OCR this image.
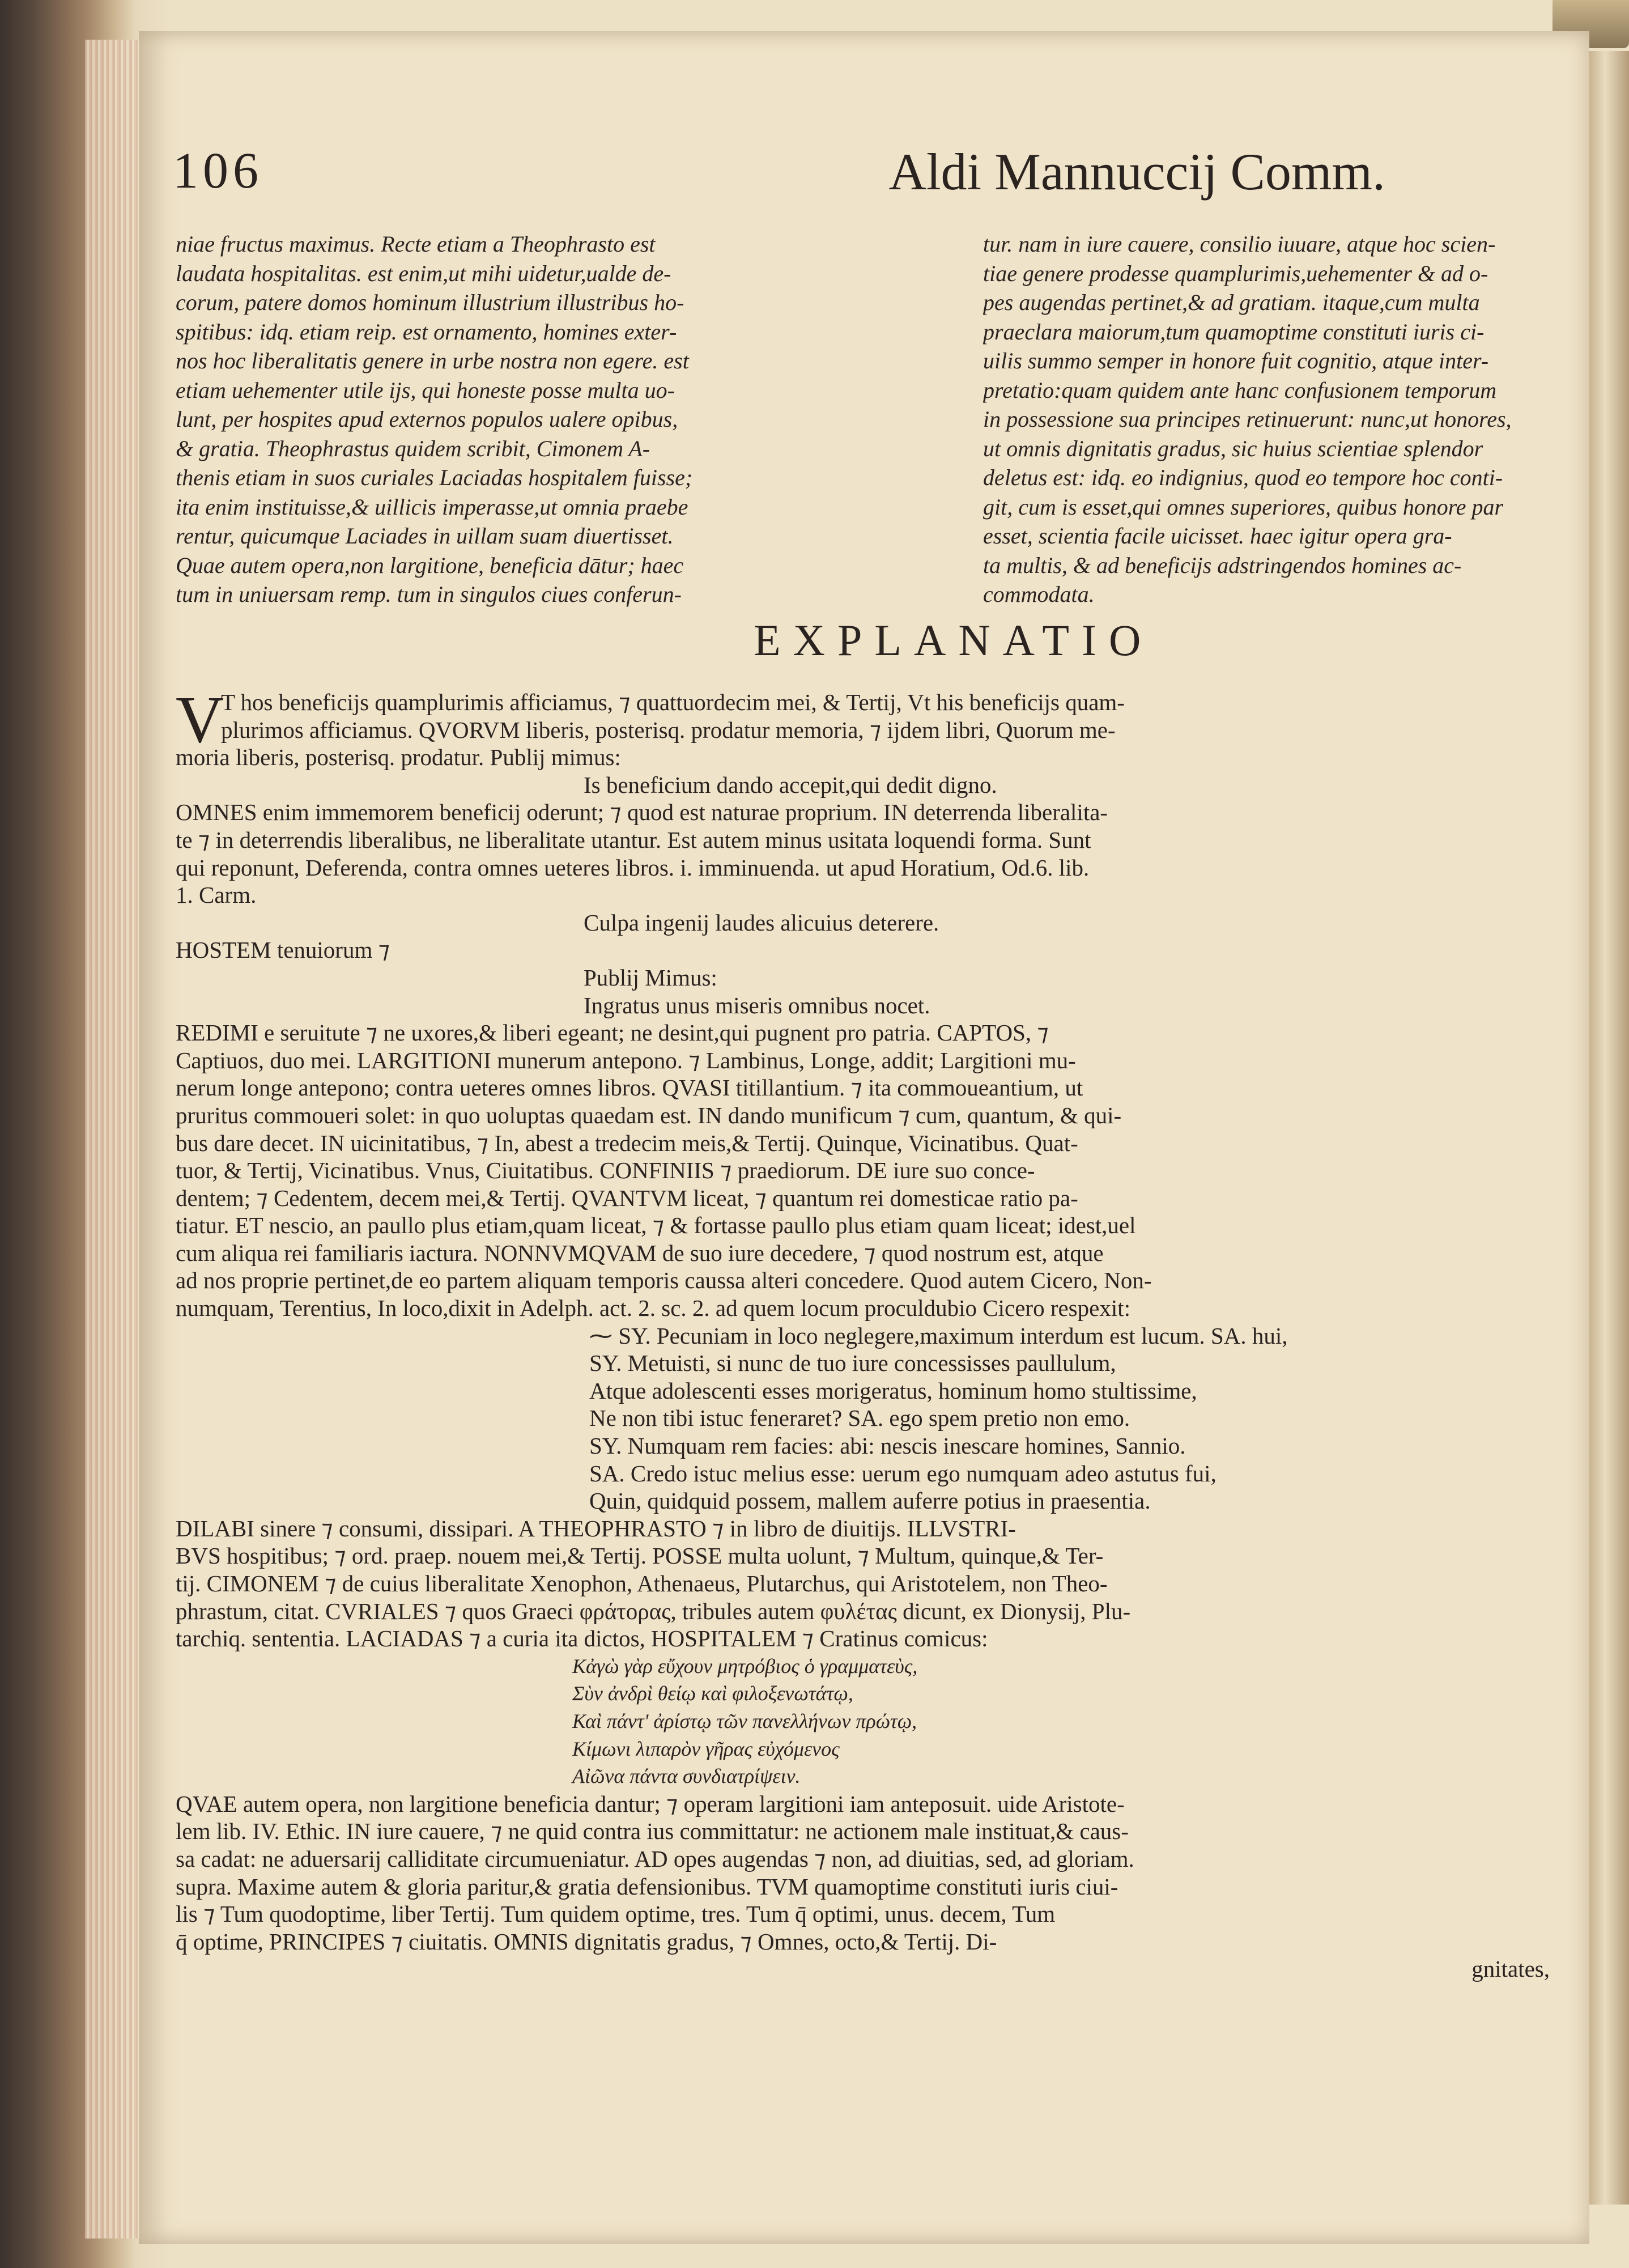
106	Aldi Mannuccij Comm.
niae fructus maximus. Recte etiam a Theophrasto est
laudata hospitalitas. est enim,ut mihi uidetur,ualde de-
corum, patere domos hominum illustrium illustribus ho-
spitibus: idq. etiam reip. est ornamento, homines exter-
nos hoc liberalitatis genere in urbe nostra non egere. est
etiam uehementer utile ijs, qui honeste posse multa uo-
lunt, per hospites apud externos populos ualere opibus,
& gratia. Theophrastus quidem scribit, Cimonem A-
thenis etiam in suos curiales Laciadas hospitalem fuisse;
ita enim instituisse,& uillicis imperasse,ut omnia praebe
rentur, quicumque Laciades in uillam suam diuertisset.
Quae autem opera,non largitione, beneficia dātur; haec
tum in uniuersam remp. tum in singulos ciues conferun-
tur. nam in iure cauere, consilio iuuare, atque hoc scien-
tiae genere prodesse quamplurimis,uehementer & ad o-
pes augendas pertinet,& ad gratiam. itaque,cum multa
praeclara maiorum,tum quamoptime constituti iuris ci-
uilis summo semper in honore fuit cognitio, atque inter-
pretatio:quam quidem ante hanc confusionem temporum
in possessione sua principes retinuerunt: nunc,ut honores,
ut omnis dignitatis gradus, sic huius scientiae splendor
deletus est: idq. eo indignius, quod eo tempore hoc conti-
git, cum is esset,qui omnes superiores, quibus honore par
esset, scientia facile uicisset. haec igitur opera gra-
ta multis, & ad beneficijs adstringendos homines ac-
commodata.
EXPLANATIO
V
T hos beneficijs quamplurimis afficiamus, ⁊ quattuordecim mei, & Tertij, Vt his beneficijs quam-
plurimos afficiamus. QVORVM liberis, posterisq. prodatur memoria, ⁊ ijdem libri, Quorum me-
moria liberis, posterisq. prodatur. Publij mimus:
Is beneficium dando accepit,qui dedit digno.
OMNES enim immemorem beneficij oderunt; ⁊ quod est naturae proprium. IN deterrenda liberalita-
te ⁊ in deterrendis liberalibus, ne liberalitate utantur. Est autem minus usitata loquendi forma. Sunt
qui reponunt, Deferenda, contra omnes ueteres libros. i. imminuenda. ut apud Horatium, Od.6. lib.
1. Carm.
Culpa ingenij laudes alicuius deterere.
HOSTEM tenuiorum ⁊
Publij Mimus:
Ingratus unus miseris omnibus nocet.
REDIMI e seruitute ⁊ ne uxores,& liberi egeant; ne desint,qui pugnent pro patria. CAPTOS, ⁊
Captiuos, duo mei. LARGITIONI munerum antepono. ⁊ Lambinus, Longe, addit; Largitioni mu-
nerum longe antepono; contra ueteres omnes libros. QVASI titillantium. ⁊ ita commoueantium, ut
pruritus commoueri solet: in quo uoluptas quaedam est. IN dando munificum ⁊ cum, quantum, & qui-
bus dare decet. IN uicinitatibus, ⁊ In, abest a tredecim meis,& Tertij. Quinque, Vicinatibus. Quat-
tuor, & Tertij, Vicinatibus. Vnus, Ciuitatibus. CONFINIIS ⁊ praediorum. DE iure suo conce-
dentem; ⁊ Cedentem, decem mei,& Tertij. QVANTVM liceat, ⁊ quantum rei domesticae ratio pa-
tiatur. ET nescio, an paullo plus etiam,quam liceat, ⁊ & fortasse paullo plus etiam quam liceat; idest,uel
cum aliqua rei familiaris iactura. NONNVMQVAM de suo iure decedere, ⁊ quod nostrum est, atque
ad nos proprie pertinet,de eo partem aliquam temporis caussa alteri concedere. Quod autem Cicero, Non-
numquam, Terentius, In loco,dixit in Adelph. act. 2. sc. 2. ad quem locum proculdubio Cicero respexit:
⁓ SY. Pecuniam in loco neglegere,maximum interdum est lucum. SA. hui,
SY. Metuisti, si nunc de tuo iure concessisses paullulum,
Atque adolescenti esses morigeratus, hominum homo stultissime,
Ne non tibi istuc feneraret? SA. ego spem pretio non emo.
SY. Numquam rem facies: abi: nescis inescare homines, Sannio.
SA. Credo istuc melius esse: uerum ego numquam adeo astutus fui,
Quin, quidquid possem, mallem auferre potius in praesentia.
DILABI sinere ⁊ consumi, dissipari. A THEOPHRASTO ⁊ in libro de diuitijs. ILLVSTRI-
BVS hospitibus; ⁊ ord. praep. nouem mei,& Tertij. POSSE multa uolunt, ⁊ Multum, quinque,& Ter-
tij. CIMONEM ⁊ de cuius liberalitate Xenophon, Athenaeus, Plutarchus, qui Aristotelem, non Theo-
phrastum, citat. CVRIALES ⁊ quos Graeci φράτορας, tribules autem φυλέτας dicunt, ex Dionysij, Plu-
tarchiq. sententia. LACIADAS ⁊ a curia ita dictos, HOSPITALEM ⁊ Cratinus comicus:
Κἀγὼ γὰρ εὔχουν μητρόβιος ὁ γραμματεὺς,
Σὺν ἀνδρὶ θείῳ καὶ φιλοξενωτάτῳ,
Καὶ πάντ' ἀρίστῳ τῶν πανελλήνων πρώτῳ,
Κίμωνι λιπαρὸν γῆρας εὐχόμενος
Αἰῶνα πάντα συνδιατρίψειν.
QVAE autem opera, non largitione beneficia dantur; ⁊ operam largitioni iam anteposuit. uide Aristote-
lem lib. IV. Ethic. IN iure cauere, ⁊ ne quid contra ius committatur: ne actionem male instituat,& caus-
sa cadat: ne aduersarij calliditate circumueniatur. AD opes augendas ⁊ non, ad diuitias, sed, ad gloriam.
supra. Maxime autem & gloria paritur,& gratia defensionibus. TVM quamoptime constituti iuris ciui-
lis ⁊ Tum quodoptime, liber Tertij. Tum quidem optime, tres. Tum q̄ optimi, unus. decem, Tum
q̄ optime, PRINCIPES ⁊ ciuitatis. OMNIS dignitatis gradus, ⁊ Omnes, octo,& Tertij. Di-
gnitates,
